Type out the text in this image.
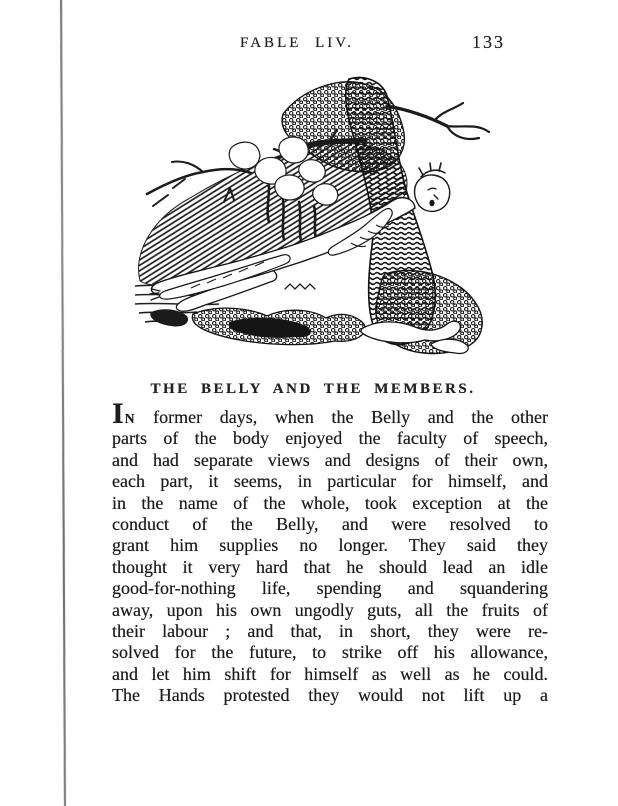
FABLE LIV.	133
THE BELLY AND THE MEMBERS.
IN former days, when the Belly and the other
parts of the body enjoyed the faculty of speech,
and had separate views and designs of their own,
each part, it seems, in particular for himself, and
in the name of the whole, took exception at the
conduct of the Belly, and were resolved to
grant him supplies no longer. They said they
thought it very hard that he should lead an idle
good-for-nothing life, spending and squandering
away, upon his own ungodly guts, all the fruits of
their labour ; and that, in short, they were re-
solved for the future, to strike off his allowance,
and let him shift for himself as well as he could.
The Hands protested they would not lift up a
